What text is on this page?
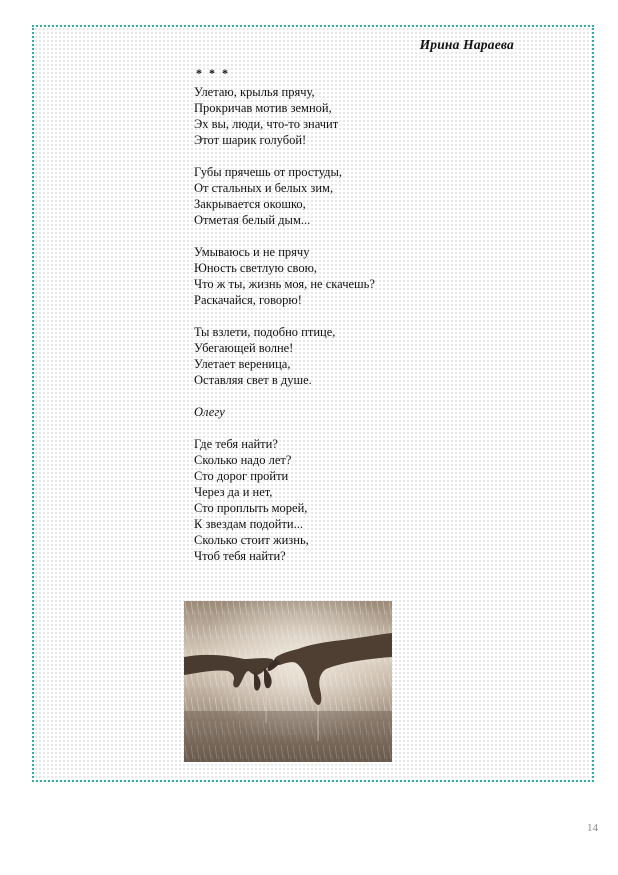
Ирина Нараева
* * *
Улетаю, крылья прячу,
Прокричав мотив земной,
Эх вы, люди, что-то значит
Этот шарик голубой!
Губы прячешь от простуды,
От стальных и белых зим,
Закрывается окошко,
Отметая белый дым...
Умываюсь и не прячу
Юность светлую свою,
Что ж ты, жизнь моя, не скачешь?
Раскачайся, говорю!
Ты взлети, подобно птице,
Убегающей волне!
Улетает вереница,
Оставляя свет в душе.
Олегу
Где тебя найти?
Сколько надо лет?
Сто дорог пройти
Через да и нет,
Сто проплыть морей,
К звездам подойти...
Сколько стоит жизнь,
Чтоб тебя найти?
14
